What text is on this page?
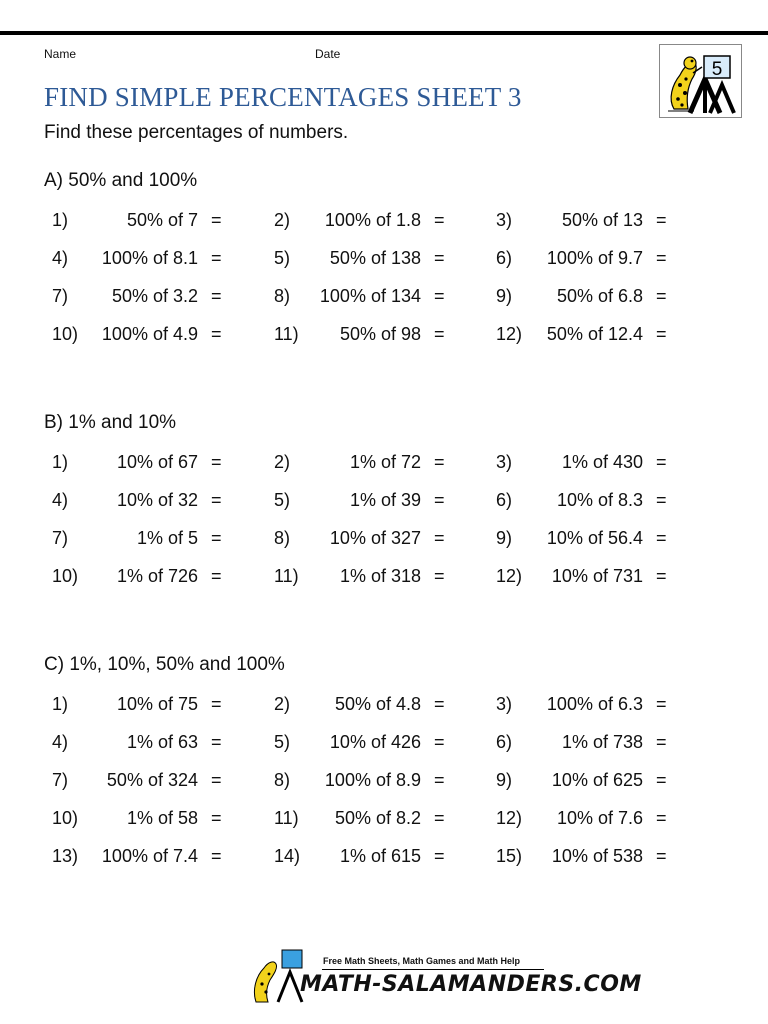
Name	Date
FIND SIMPLE PERCENTAGES SHEET 3
Find these percentages of numbers.
5
A) 50% and 100%
1)	50% of 7 =	2)	100% of 1.8 =	3)	50% of 13 =
4)	100% of 8.1 =	5)	50% of 138 =	6)	100% of 9.7 =
7)	50% of 3.2 =	8)	100% of 134 =	9)	50% of 6.8 =
10)	100% of 4.9 =	11)	50% of 98 =	12)	50% of 12.4 =
B) 1% and 10%
1)	10% of 67 =	2)	1% of 72 =	3)	1% of 430 =
4)	10% of 32 =	5)	1% of 39 =	6)	10% of 8.3 =
7)	1% of 5 =	8)	10% of 327 =	9)	10% of 56.4 =
10)	1% of 726 =	11)	1% of 318 =	12)	10% of 731 =
C) 1%, 10%, 50% and 100%
1)	10% of 75 =	2)	50% of 4.8 =	3)	100% of 6.3 =
4)	1% of 63 =	5)	10% of 426 =	6)	1% of 738 =
7)	50% of 324 =	8)	100% of 8.9 =	9)	10% of 625 =
10)	1% of 58 =	11)	50% of 8.2 =	12)	10% of 7.6 =
13)	100% of 7.4 =	14)	1% of 615 =	15)	10% of 538 =
Free Math Sheets, Math Games and Math Help
MATH-SALAMANDERS.COM
